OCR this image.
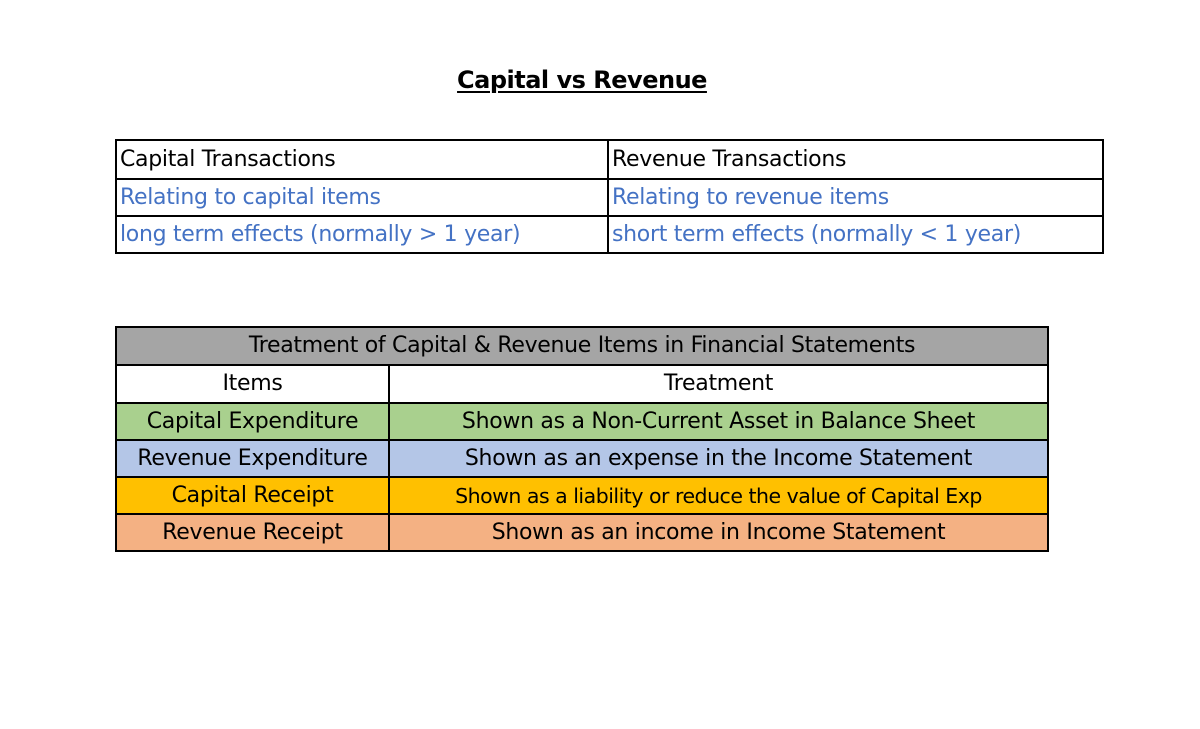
Capital vs Revenue
Capital Transactions	Revenue Transactions
Relating to capital items	Relating to revenue items
long term effects (normally > 1 year)	short term effects (normally < 1 year)
Treatment of Capital & Revenue Items in Financial Statements	
Items	Treatment
Capital Expenditure	Shown as a Non-Current Asset in Balance Sheet
Revenue Expenditure	Shown as an expense in the Income Statement
Capital Receipt	Shown as a liability or reduce the value of Capital Exp
Revenue Receipt	Shown as an income in Income Statement
